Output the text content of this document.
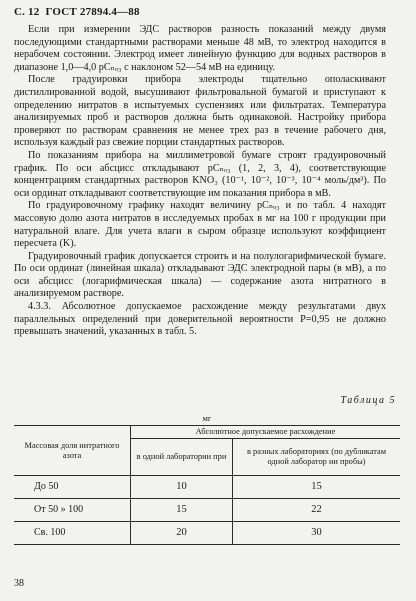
С. 12 ГОСТ 27894.4—88

Если при измерении ЭДС растворов разность показаний между двумя последующими стандартными растворами меньше 48 мВ, то электрод находится в нерабочем состоянии. Электрод имеет линейную функцию для водных растворов в диапазоне 1,0—4,0 pCₙₒ₃ с наклоном 52—54 мВ на единицу.

После градуировки прибора электроды тщательно ополаскивают дистиллированной водой, высушивают фильтровальной бумагой и приступают к определению нитратов в испытуемых суспензиях или фильтратах. Температура анализируемых проб и растворов должна быть одинаковой. Настройку прибора проверяют по растворам сравнения не менее трех раз в течение рабочего дня, используя каждый раз свежие порции стандартных растворов.

По показаниям прибора на миллиметровой бумаге строят градуировочный график. По оси абсцисс откладывают pCₙₒ₃ (1, 2, 3, 4), соответствующие концентрациям стандартных растворов KNO₃ (10⁻¹, 10⁻², 10⁻³, 10⁻⁴ моль/дм³). По оси ординат откладывают соответствующие им показания прибора в мВ.

По градуировочному графику находят величину pCₙₒ₃ и по табл. 4 находят массовую долю азота нитратов в исследуемых пробах в мг на 100 г продукции при натуральной влаге. Для учета влаги в сыром образце используют коэффициент пересчета (K).

Градуировочный график допускается строить и на полулогарифмической бумаге. По оси ординат (линейная шкала) откладывают ЭДС электродной пары (в мВ), а по оси абсцисс (логарифмическая шкала) — содержание азота нитратного в анализируемом растворе.

4.3.3. Абсолютное допускаемое расхождение между результатами двух параллельных определений при доверительной вероятности P=0,95 не должно превышать значений, указанных в табл. 5.

Таблица 5
мг		
Массовая доля нитратного азота	Абсолютное допускаемое расхождение	
	в одной лаборатории при	в разных лабораториях (по дубликатам одной лаборатор ии пробы)
До 50	10	15
От 50 » 100	15	22
Св. 100	20	30
38
